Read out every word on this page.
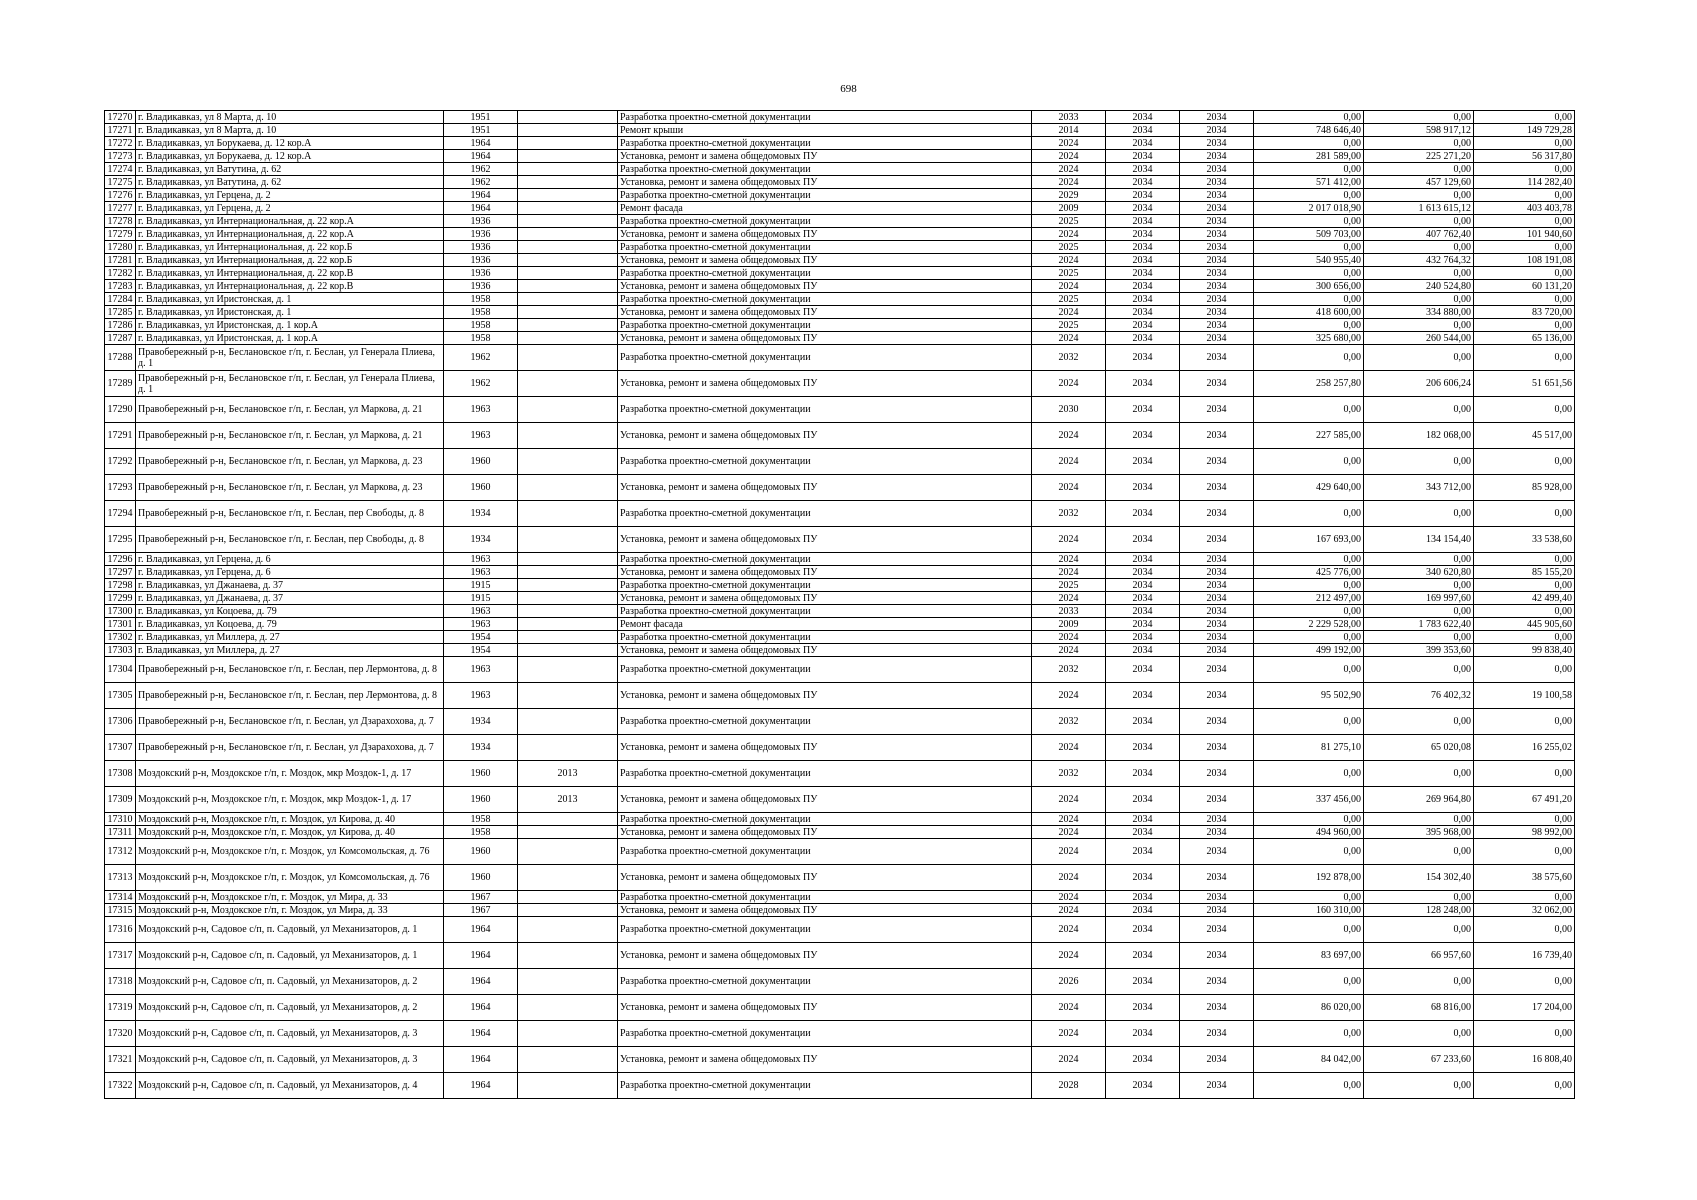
698
17270	г. Владикавказ, ул 8 Марта, д. 10	1951		Разработка проектно-сметной документации	2033	2034	2034	0,00	0,00	0,00
17271	г. Владикавказ, ул 8 Марта, д. 10	1951		Ремонт крыши	2014	2034	2034	748 646,40	598 917,12	149 729,28
17272	г. Владикавказ, ул Борукаева, д. 12 кор.А	1964		Разработка проектно-сметной документации	2024	2034	2034	0,00	0,00	0,00
17273	г. Владикавказ, ул Борукаева, д. 12 кор.А	1964		Установка, ремонт и замена общедомовых ПУ	2024	2034	2034	281 589,00	225 271,20	56 317,80
17274	г. Владикавказ, ул Ватутина, д. 62	1962		Разработка проектно-сметной документации	2024	2034	2034	0,00	0,00	0,00
17275	г. Владикавказ, ул Ватутина, д. 62	1962		Установка, ремонт и замена общедомовых ПУ	2024	2034	2034	571 412,00	457 129,60	114 282,40
17276	г. Владикавказ, ул Герцена, д. 2	1964		Разработка проектно-сметной документации	2029	2034	2034	0,00	0,00	0,00
17277	г. Владикавказ, ул Герцена, д. 2	1964		Ремонт фасада	2009	2034	2034	2 017 018,90	1 613 615,12	403 403,78
17278	г. Владикавказ, ул Интернациональная, д. 22 кор.А	1936		Разработка проектно-сметной документации	2025	2034	2034	0,00	0,00	0,00
17279	г. Владикавказ, ул Интернациональная, д. 22 кор.А	1936		Установка, ремонт и замена общедомовых ПУ	2024	2034	2034	509 703,00	407 762,40	101 940,60
17280	г. Владикавказ, ул Интернациональная, д. 22 кор.Б	1936		Разработка проектно-сметной документации	2025	2034	2034	0,00	0,00	0,00
17281	г. Владикавказ, ул Интернациональная, д. 22 кор.Б	1936		Установка, ремонт и замена общедомовых ПУ	2024	2034	2034	540 955,40	432 764,32	108 191,08
17282	г. Владикавказ, ул Интернациональная, д. 22 кор.В	1936		Разработка проектно-сметной документации	2025	2034	2034	0,00	0,00	0,00
17283	г. Владикавказ, ул Интернациональная, д. 22 кор.В	1936		Установка, ремонт и замена общедомовых ПУ	2024	2034	2034	300 656,00	240 524,80	60 131,20
17284	г. Владикавказ, ул Иристонская, д. 1	1958		Разработка проектно-сметной документации	2025	2034	2034	0,00	0,00	0,00
17285	г. Владикавказ, ул Иристонская, д. 1	1958		Установка, ремонт и замена общедомовых ПУ	2024	2034	2034	418 600,00	334 880,00	83 720,00
17286	г. Владикавказ, ул Иристонская, д. 1 кор.А	1958		Разработка проектно-сметной документации	2025	2034	2034	0,00	0,00	0,00
17287	г. Владикавказ, ул Иристонская, д. 1 кор.А	1958		Установка, ремонт и замена общедомовых ПУ	2024	2034	2034	325 680,00	260 544,00	65 136,00
17288	Правобережный р-н, Беслановское г/п, г. Беслан, ул Генерала Плиева, д. 1	1962		Разработка проектно-сметной документации	2032	2034	2034	0,00	0,00	0,00
17289	Правобережный р-н, Беслановское г/п, г. Беслан, ул Генерала Плиева, д. 1	1962		Установка, ремонт и замена общедомовых ПУ	2024	2034	2034	258 257,80	206 606,24	51 651,56
17290	Правобережный р-н, Беслановское г/п, г. Беслан, ул Маркова, д. 21	1963		Разработка проектно-сметной документации	2030	2034	2034	0,00	0,00	0,00
17291	Правобережный р-н, Беслановское г/п, г. Беслан, ул Маркова, д. 21	1963		Установка, ремонт и замена общедомовых ПУ	2024	2034	2034	227 585,00	182 068,00	45 517,00
17292	Правобережный р-н, Беслановское г/п, г. Беслан, ул Маркова, д. 23	1960		Разработка проектно-сметной документации	2024	2034	2034	0,00	0,00	0,00
17293	Правобережный р-н, Беслановское г/п, г. Беслан, ул Маркова, д. 23	1960		Установка, ремонт и замена общедомовых ПУ	2024	2034	2034	429 640,00	343 712,00	85 928,00
17294	Правобережный р-н, Беслановское г/п, г. Беслан, пер Свободы, д. 8	1934		Разработка проектно-сметной документации	2032	2034	2034	0,00	0,00	0,00
17295	Правобережный р-н, Беслановское г/п, г. Беслан, пер Свободы, д. 8	1934		Установка, ремонт и замена общедомовых ПУ	2024	2034	2034	167 693,00	134 154,40	33 538,60
17296	г. Владикавказ, ул Герцена, д. 6	1963		Разработка проектно-сметной документации	2024	2034	2034	0,00	0,00	0,00
17297	г. Владикавказ, ул Герцена, д. 6	1963		Установка, ремонт и замена общедомовых ПУ	2024	2034	2034	425 776,00	340 620,80	85 155,20
17298	г. Владикавказ, ул Джанаева, д. 37	1915		Разработка проектно-сметной документации	2025	2034	2034	0,00	0,00	0,00
17299	г. Владикавказ, ул Джанаева, д. 37	1915		Установка, ремонт и замена общедомовых ПУ	2024	2034	2034	212 497,00	169 997,60	42 499,40
17300	г. Владикавказ, ул Коцоева, д. 79	1963		Разработка проектно-сметной документации	2033	2034	2034	0,00	0,00	0,00
17301	г. Владикавказ, ул Коцоева, д. 79	1963		Ремонт фасада	2009	2034	2034	2 229 528,00	1 783 622,40	445 905,60
17302	г. Владикавказ, ул Миллера, д. 27	1954		Разработка проектно-сметной документации	2024	2034	2034	0,00	0,00	0,00
17303	г. Владикавказ, ул Миллера, д. 27	1954		Установка, ремонт и замена общедомовых ПУ	2024	2034	2034	499 192,00	399 353,60	99 838,40
17304	Правобережный р-н, Беслановское г/п, г. Беслан, пер Лермонтова, д. 8	1963		Разработка проектно-сметной документации	2032	2034	2034	0,00	0,00	0,00
17305	Правобережный р-н, Беслановское г/п, г. Беслан, пер Лермонтова, д. 8	1963		Установка, ремонт и замена общедомовых ПУ	2024	2034	2034	95 502,90	76 402,32	19 100,58
17306	Правобережный р-н, Беслановское г/п, г. Беслан, ул Дзарахохова, д. 7	1934		Разработка проектно-сметной документации	2032	2034	2034	0,00	0,00	0,00
17307	Правобережный р-н, Беслановское г/п, г. Беслан, ул Дзарахохова, д. 7	1934		Установка, ремонт и замена общедомовых ПУ	2024	2034	2034	81 275,10	65 020,08	16 255,02
17308	Моздокский р-н, Моздокское г/п, г. Моздок, мкр Моздок-1, д. 17	1960	2013	Разработка проектно-сметной документации	2032	2034	2034	0,00	0,00	0,00
17309	Моздокский р-н, Моздокское г/п, г. Моздок, мкр Моздок-1, д. 17	1960	2013	Установка, ремонт и замена общедомовых ПУ	2024	2034	2034	337 456,00	269 964,80	67 491,20
17310	Моздокский р-н, Моздокское г/п, г. Моздок, ул Кирова, д. 40	1958		Разработка проектно-сметной документации	2024	2034	2034	0,00	0,00	0,00
17311	Моздокский р-н, Моздокское г/п, г. Моздок, ул Кирова, д. 40	1958		Установка, ремонт и замена общедомовых ПУ	2024	2034	2034	494 960,00	395 968,00	98 992,00
17312	Моздокский р-н, Моздокское г/п, г. Моздок, ул Комсомольская, д. 76	1960		Разработка проектно-сметной документации	2024	2034	2034	0,00	0,00	0,00
17313	Моздокский р-н, Моздокское г/п, г. Моздок, ул Комсомольская, д. 76	1960		Установка, ремонт и замена общедомовых ПУ	2024	2034	2034	192 878,00	154 302,40	38 575,60
17314	Моздокский р-н, Моздокское г/п, г. Моздок, ул Мира, д. 33	1967		Разработка проектно-сметной документации	2024	2034	2034	0,00	0,00	0,00
17315	Моздокский р-н, Моздокское г/п, г. Моздок, ул Мира, д. 33	1967		Установка, ремонт и замена общедомовых ПУ	2024	2034	2034	160 310,00	128 248,00	32 062,00
17316	Моздокский р-н, Садовое с/п, п. Садовый, ул Механизаторов, д. 1	1964		Разработка проектно-сметной документации	2024	2034	2034	0,00	0,00	0,00
17317	Моздокский р-н, Садовое с/п, п. Садовый, ул Механизаторов, д. 1	1964		Установка, ремонт и замена общедомовых ПУ	2024	2034	2034	83 697,00	66 957,60	16 739,40
17318	Моздокский р-н, Садовое с/п, п. Садовый, ул Механизаторов, д. 2	1964		Разработка проектно-сметной документации	2026	2034	2034	0,00	0,00	0,00
17319	Моздокский р-н, Садовое с/п, п. Садовый, ул Механизаторов, д. 2	1964		Установка, ремонт и замена общедомовых ПУ	2024	2034	2034	86 020,00	68 816,00	17 204,00
17320	Моздокский р-н, Садовое с/п, п. Садовый, ул Механизаторов, д. 3	1964		Разработка проектно-сметной документации	2024	2034	2034	0,00	0,00	0,00
17321	Моздокский р-н, Садовое с/п, п. Садовый, ул Механизаторов, д. 3	1964		Установка, ремонт и замена общедомовых ПУ	2024	2034	2034	84 042,00	67 233,60	16 808,40
17322	Моздокский р-н, Садовое с/п, п. Садовый, ул Механизаторов, д. 4	1964		Разработка проектно-сметной документации	2028	2034	2034	0,00	0,00	0,00
